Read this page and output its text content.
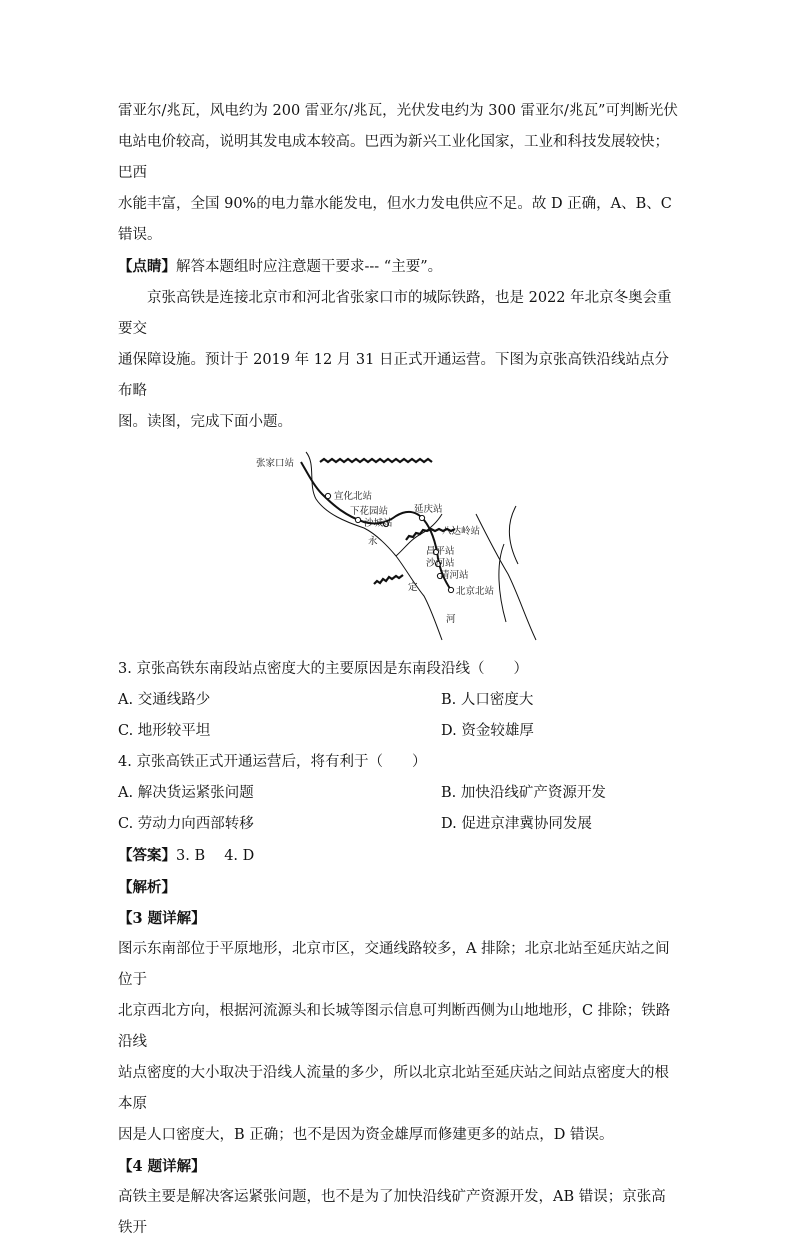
雷亚尔/兆瓦，风电约为 200 雷亚尔/兆瓦，光伏发电约为 300 雷亚尔/兆瓦”可判断光伏

电站电价较高，说明其发电成本较高。巴西为新兴工业化国家，工业和科技发展较快；巴西

水能丰富，全国 90%的电力靠水能发电，但水力发电供应不足。故 D 正确，A、B、C 错误。

【点睛】解答本题组时应注意题干要求--- “主要”。

京张高铁是连接北京市和河北省张家口市的城际铁路，也是 2022 年北京冬奥会重要交

通保障设施。预计于 2019 年 12 月 31 日正式开通运营。下图为京张高铁沿线站点分布略

图。读图，完成下面小题。

张家口站
宣化北站
下花园站
沙城站
延庆站
八达岭站
昌平站
沙河站
清河站
北京北站
永
定
河

3. 京张高铁东南段站点密度大的主要原因是东南段沿线（　　）

A. 交通线路少	B. 人口密度大
C. 地形较平坦	D. 资金较雄厚

4. 京张高铁正式开通运营后，将有利于（　　）

A. 解决货运紧张问题	B. 加快沿线矿产资源开发
C. 劳动力向西部转移	D. 促进京津冀协同发展

【答案】3. B　 4. D

【解析】

【3 题详解】

图示东南部位于平原地形，北京市区，交通线路较多，A 排除；北京北站至延庆站之间位于

北京西北方向，根据河流源头和长城等图示信息可判断西侧为山地地形，C 排除；铁路沿线

站点密度的大小取决于沿线人流量的多少，所以北京北站至延庆站之间站点密度大的根本原

因是人口密度大，B 正确；也不是因为资金雄厚而修建更多的站点，D 错误。

【4 题详解】

高铁主要是解决客运紧张问题，也不是为了加快沿线矿产资源开发，AB 错误；京张高铁开
